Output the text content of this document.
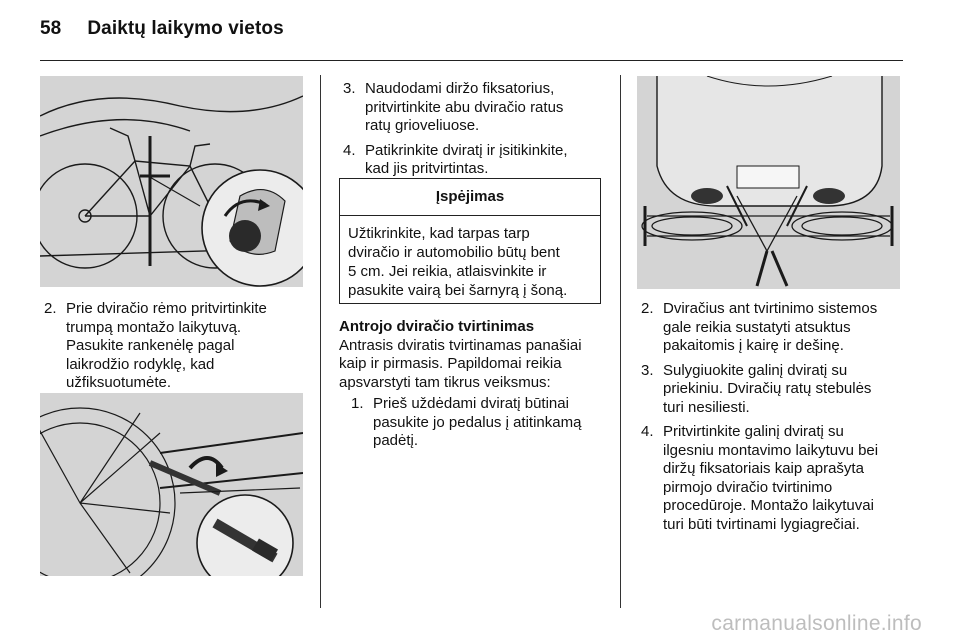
58 Daiktų laikymo vietos
2. Prie dviračio rėmo pritvirtinkite
trumpą montažo laikytuvą.
Pasukite rankenėlę pagal
laikrodžio rodyklę, kad
užfiksuotumėte.
3. Naudodami diržo fiksatorius,
pritvirtinkite abu dviračio ratus
ratų grioveliuose.
4. Patikrinkite dviratį ir įsitikinkite,
kad jis pritvirtintas.
Įspėjimas
Užtikrinkite, kad tarpas tarp
dviračio ir automobilio būtų bent
5 cm. Jei reikia, atlaisvinkite ir
pasukite vairą bei šarnyrą į šoną.
Antrojo dviračio tvirtinimas
Antrasis dviratis tvirtinamas panašiai
kaip ir pirmasis. Papildomai reikia
apsvarstyti tam tikrus veiksmus:
1. Prieš uždėdami dviratį būtinai
pasukite jo pedalus į atitinkamą
padėtį.
2. Dviračius ant tvirtinimo sistemos
gale reikia sustatyti atsuktus
pakaitomis į kairę ir dešinę.
3. Sulygiuokite galinį dviratį su
priekiniu. Dviračių ratų stebulės
turi nesiliesti.
4. Pritvirtinkite galinį dviratį su
ilgesniu montavimo laikytuvu bei
diržų fiksatoriais kaip aprašyta
pirmojo dviračio tvirtinimo
procedūroje. Montažo laikytuvai
turi būti tvirtinami lygiagrečiai.
carmanualsonline.info
